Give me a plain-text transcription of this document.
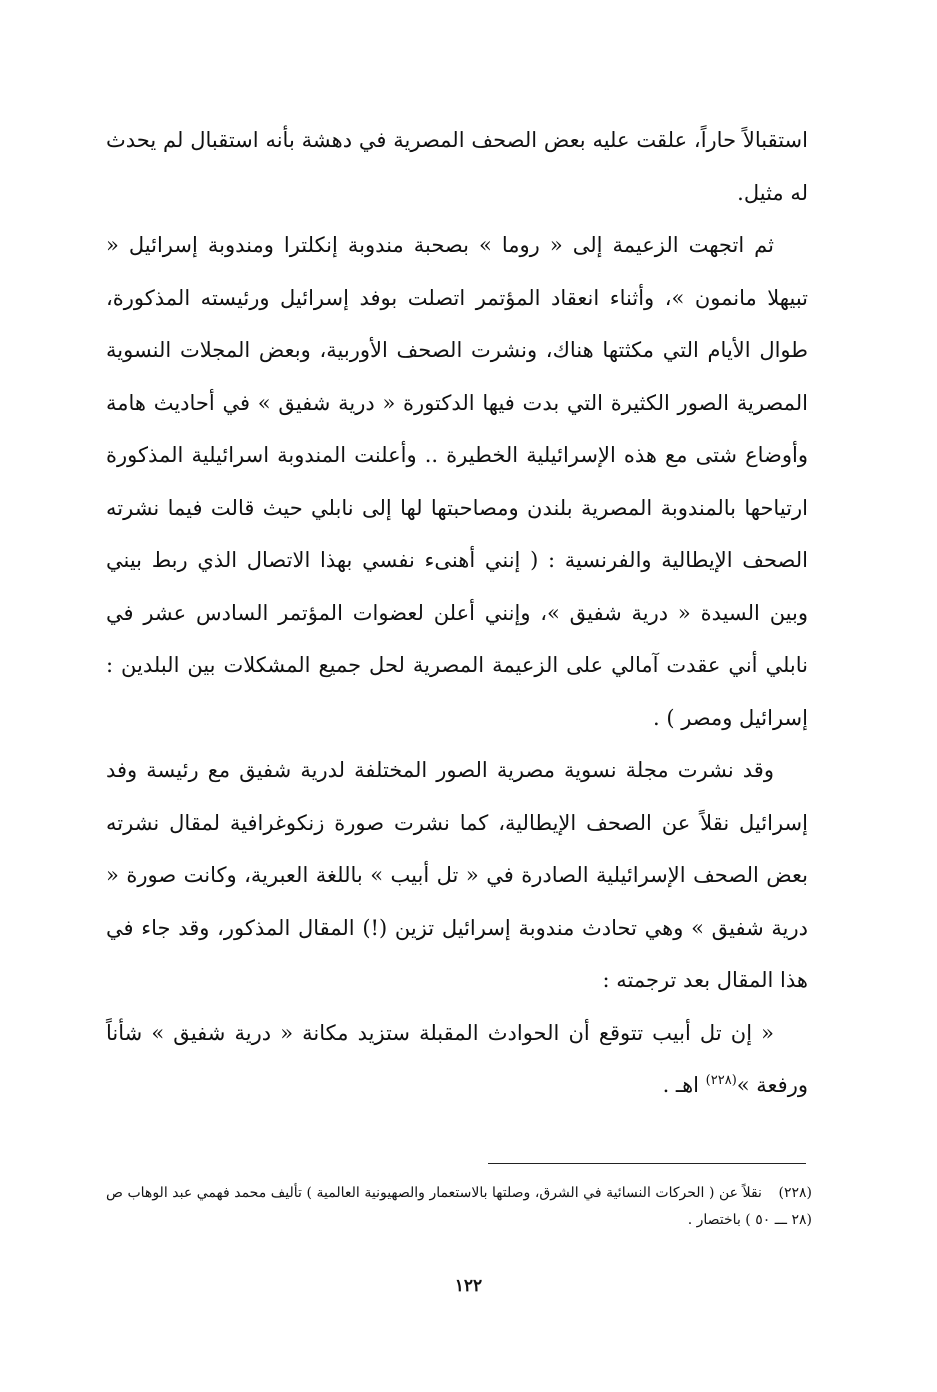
استقبالاً حاراً، علقت عليه بعض الصحف المصرية في دهشة بأنه استقبال لم يحدث له مثيل.

ثم اتجهت الزعيمة إلى « روما » بصحبة مندوبة إنكلترا ومندوبة إسرائيل « تبيهلا مانمون »، وأثناء انعقاد المؤتمر اتصلت بوفد إسرائيل ورئيسته المذكورة، طوال الأيام التي مكثتها هناك، ونشرت الصحف الأوربية، وبعض المجلات النسوية المصرية الصور الكثيرة التي بدت فيها الدكتورة « درية شفيق » في أحاديث هامة وأوضاع شتى مع هذه الإسرائيلية الخطيرة .. وأعلنت المندوبة اسرائيلية المذكورة ارتياحها بالمندوبة المصرية بلندن ومصاحبتها لها إلى نابلي حيث قالت فيما نشرته الصحف الإيطالية والفرنسية : ( إنني أهنىء نفسي بهذا الاتصال الذي ربط بيني وبين السيدة « درية شفيق »، وإنني أعلن لعضوات المؤتمر السادس عشر في نابلي أني عقدت آمالي على الزعيمة المصرية لحل جميع المشكلات بين البلدين : إسرائيل ومصر ) .

وقد نشرت مجلة نسوية مصرية الصور المختلفة لدرية شفيق مع رئيسة وفد إسرائيل نقلاً عن الصحف الإيطالية، كما نشرت صورة زنكوغرافية لمقال نشرته بعض الصحف الإسرائيلية الصادرة في « تل أبيب » باللغة العبرية، وكانت صورة « درية شفيق » وهي تحادث مندوبة إسرائيل تزين (!) المقال المذكور، وقد جاء في هذا المقال بعد ترجمته :

« إن تل أبيب تتوقع أن الحوادث المقبلة ستزيد مكانة « درية شفيق » شأناً ورفعة »$^{(٢٢٨)}$ اهـ .

(٢٢٨) نقلاً عن ( الحركات النسائية في الشرق، وصلتها بالاستعمار والصهيونية العالمية ) تأليف محمد فهمي عبد الوهاب ص (٢٨ ـــ ٥٠ ) باختصار .
١٢٢
